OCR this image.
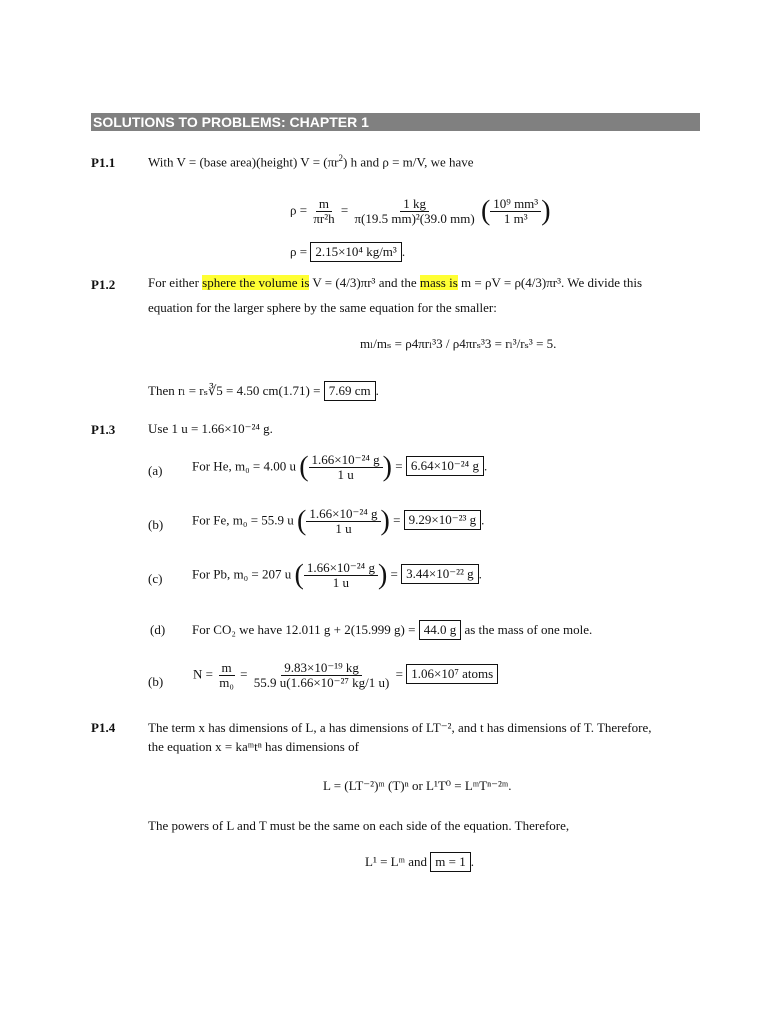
SOLUTIONS TO PROBLEMS: CHAPTER 1
P1.1	With V = (base area)(height) $V = (\pi r^2)$ h and ρ = m/V, we have
$\rho = \frac{m}{\text{πr²h}} = \frac{1 kg}{\text{π(19.5 mm)²(39.0 mm)}}$ ( $\frac{\text{10⁹ mm³}}{\text{1 m³}}$ )
ρ = 2.15×10⁴ kg/m³ .
P1.2	For either sphere the volume is V = (4/3)πr³ and the mass is m = ρV = ρ(4/3)πr³. We divide this
equation for the larger sphere by the same equation for the smaller:
mₗ/mₛ = ρ4πrₗ³3 / ρ4πrₛ³3 = rₗ³/rₛ³ = 5.
Then rₗ = rₛ∛5 = 4.50 cm(1.71) = 7.69 cm .
P1.3	Use 1 u = 1.66×10⁻²⁴ g.
(a) For He, m₀ = 4.00 u ( $\frac{\text{1.66×10⁻²⁴ g}}{1 u}$ ) = 6.64×10⁻²⁴ g .
(b) For Fe, m₀ = 55.9 u ( $\frac{\text{1.66×10⁻²⁴ g}}{1 u}$ ) = 9.29×10⁻²³ g .
(c) For Pb, m₀ = 207 u ( $\frac{\text{1.66×10⁻²⁴ g}}{1 u}$ ) = 3.44×10⁻²² g .
(d) For CO₂ we have 12.011 g + 2(15.999 g) = 44.0 g as the mass of one mole.
(b)
$N = \frac{m}{\text{m₀}} = \frac{\text{9.83×10⁻¹⁹ kg}}{\text{55.9 u(1.66×10⁻²⁷ kg/1 u)}} = 1.06\times 10^7$ atoms
P1.4	The term x has dimensions of L, a has dimensions of LT⁻², and t has dimensions of T. Therefore,
the equation x = kaᵐtⁿ has dimensions of
L = (LT⁻²)ᵐ (T)ⁿ or L¹T⁰ = LᵐTⁿ⁻²ᵐ.
The powers of L and T must be the same on each side of the equation. Therefore,
L¹ = Lᵐ and m = 1 .
